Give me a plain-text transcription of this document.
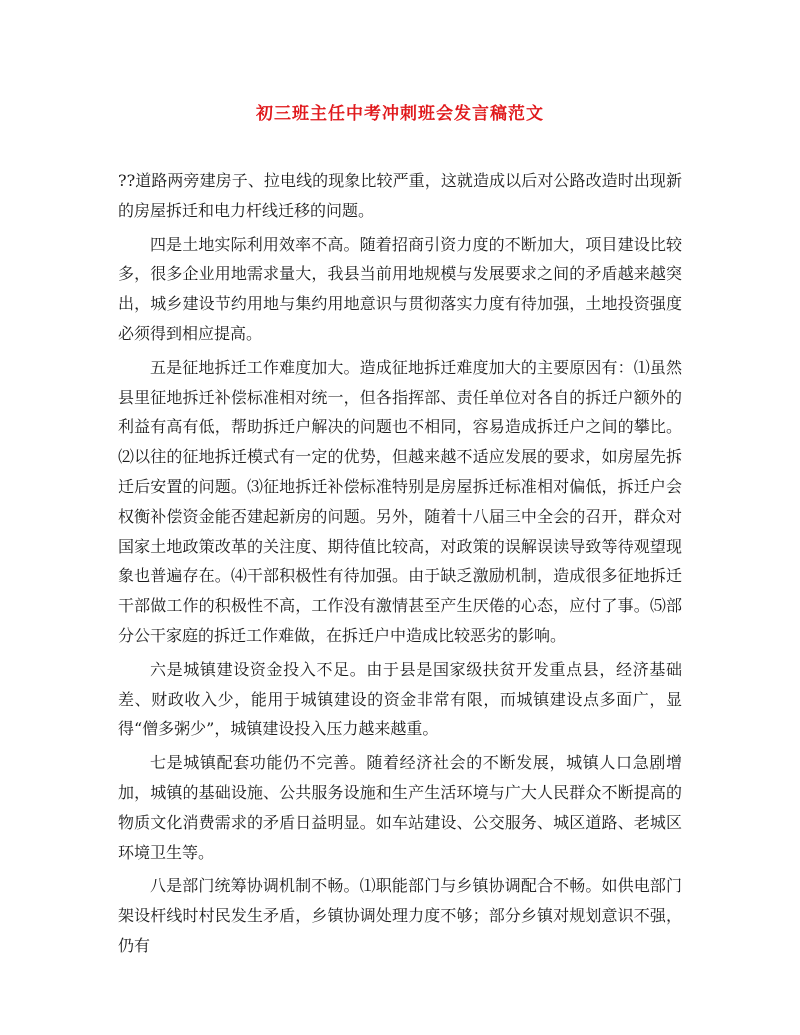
初三班主任中考冲刺班会发言稿范文

??道路两旁建房子、拉电线的现象比较严重，这就造成以后对公路改造时出现新的房屋拆迁和电力杆线迁移的问题。

四是土地实际利用效率不高。随着招商引资力度的不断加大，项目建设比较多，很多企业用地需求量大，我县当前用地规模与发展要求之间的矛盾越来越突出，城乡建设节约用地与集约用地意识与贯彻落实力度有待加强，土地投资强度必须得到相应提高。

五是征地拆迁工作难度加大。造成征地拆迁难度加大的主要原因有：⑴虽然县里征地拆迁补偿标准相对统一，但各指挥部、责任单位对各自的拆迁户额外的利益有高有低，帮助拆迁户解决的问题也不相同，容易造成拆迁户之间的攀比。⑵以往的征地拆迁模式有一定的优势，但越来越不适应发展的要求，如房屋先拆迁后安置的问题。⑶征地拆迁补偿标准特别是房屋拆迁标准相对偏低，拆迁户会权衡补偿资金能否建起新房的问题。另外，随着十八届三中全会的召开，群众对国家土地政策改革的关注度、期待值比较高，对政策的误解误读导致等待观望现象也普遍存在。⑷干部积极性有待加强。由于缺乏激励机制，造成很多征地拆迁干部做工作的积极性不高，工作没有激情甚至产生厌倦的心态，应付了事。⑸部分公干家庭的拆迁工作难做，在拆迁户中造成比较恶劣的影响。

六是城镇建设资金投入不足。由于县是国家级扶贫开发重点县，经济基础差、财政收入少，能用于城镇建设的资金非常有限，而城镇建设点多面广，显得“僧多粥少”，城镇建设投入压力越来越重。

七是城镇配套功能仍不完善。随着经济社会的不断发展，城镇人口急剧增加，城镇的基础设施、公共服务设施和生产生活环境与广大人民群众不断提高的物质文化消费需求的矛盾日益明显。如车站建设、公交服务、城区道路、老城区环境卫生等。

八是部门统筹协调机制不畅。⑴职能部门与乡镇协调配合不畅。如供电部门架设杆线时村民发生矛盾，乡镇协调处理力度不够；部分乡镇对规划意识不强，仍有
